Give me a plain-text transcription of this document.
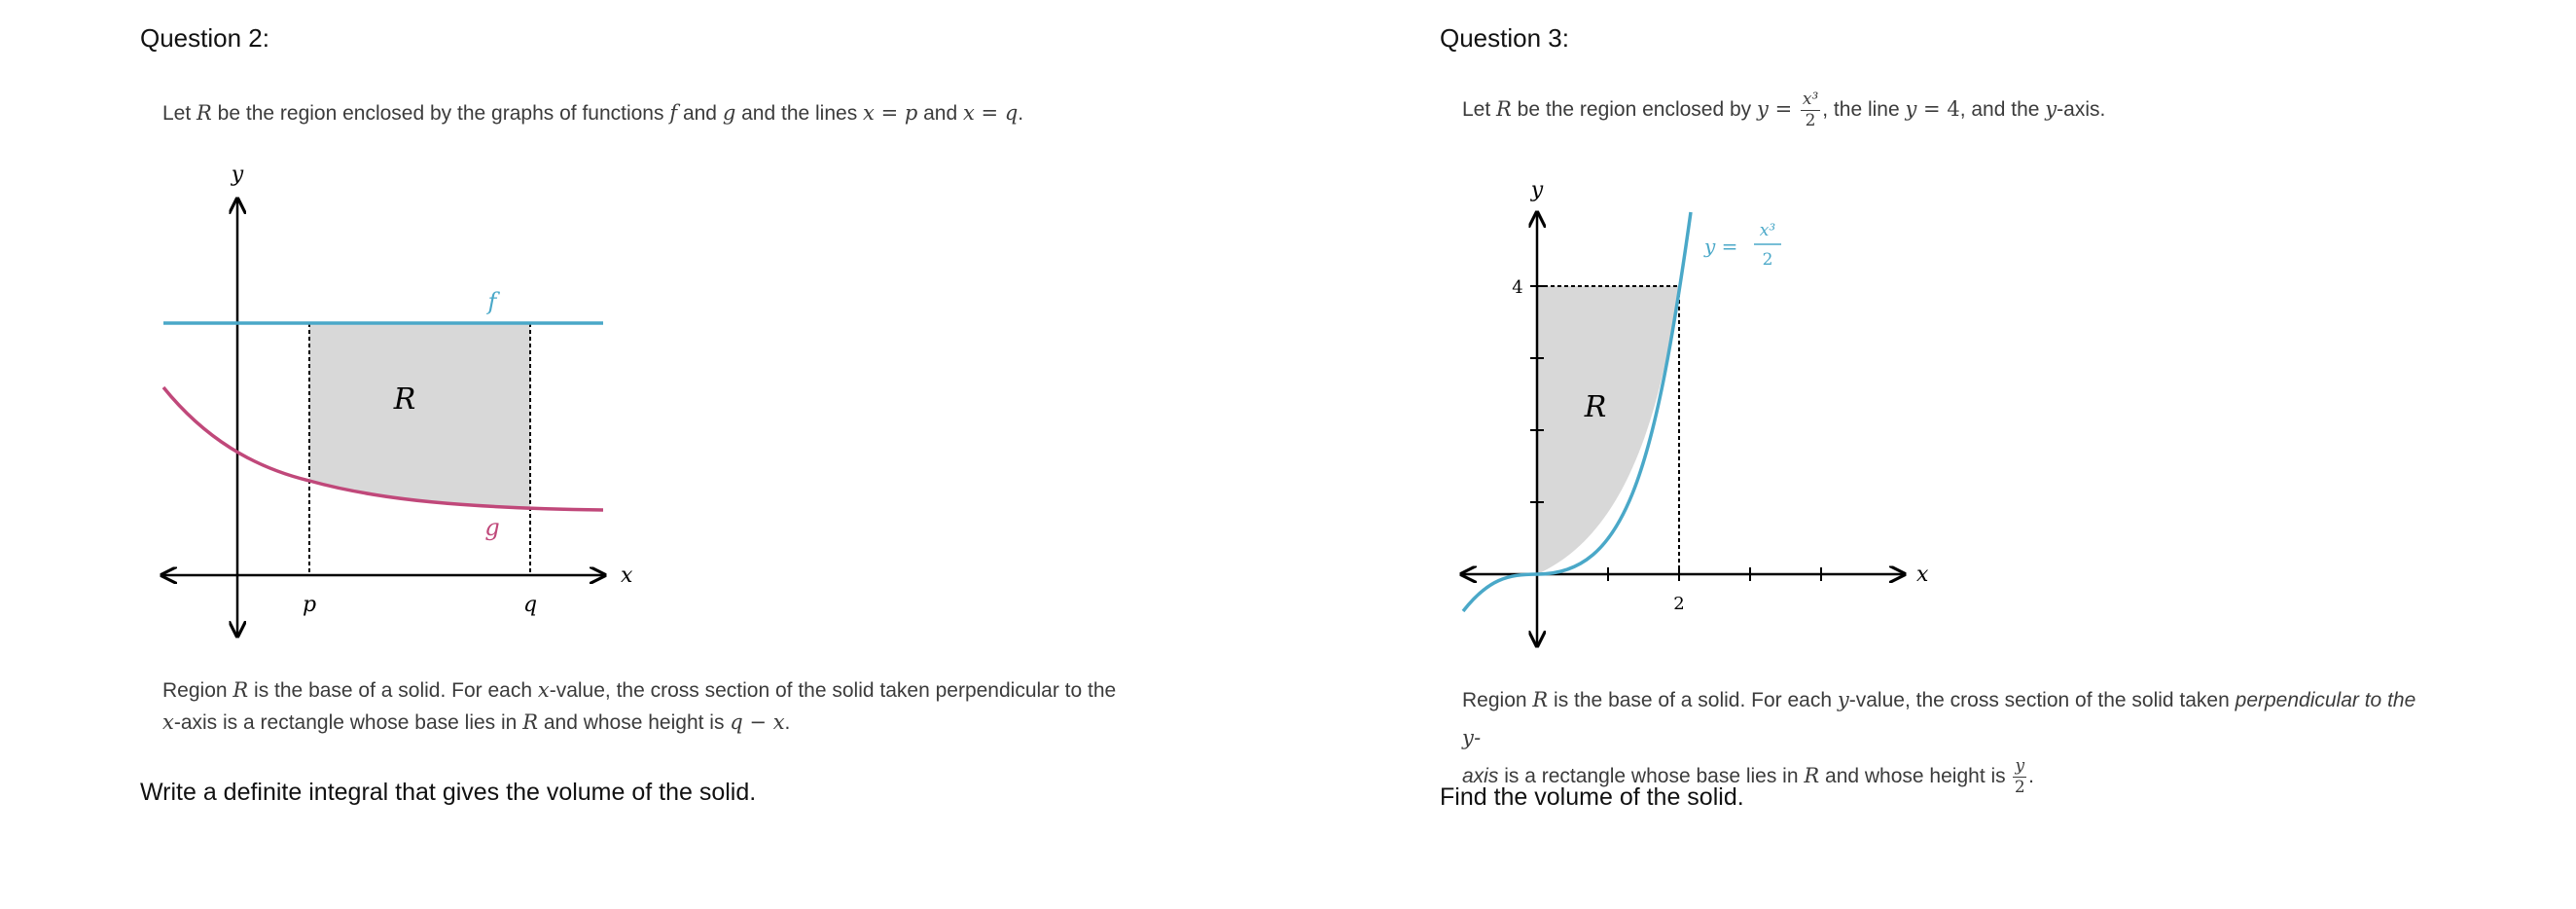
Question 2:
Let R be the region enclosed by the graphs of functions f and g and the lines x = p and x = q.
y
x
f
g
R
p	q
Region R is the base of a solid. For each x-value, the cross section of the solid taken perpendicular to the
x-axis is a rectangle whose base lies in R and whose height is q − x.
Write a definite integral that gives the volume of the solid.
Question 3:
Let R be the region enclosed by $y = \frac{\text{x³}}{2}$ , the line y = 4, and the y-axis.
y
x
4
2
R
y =
x³
2
Region R is the base of a solid. For each y-value, the cross section of the solid taken perpendicular to the y-
axis is a rectangle whose base lies in R and whose height is $\frac{y}{2}$ .
Find the volume of the solid.
